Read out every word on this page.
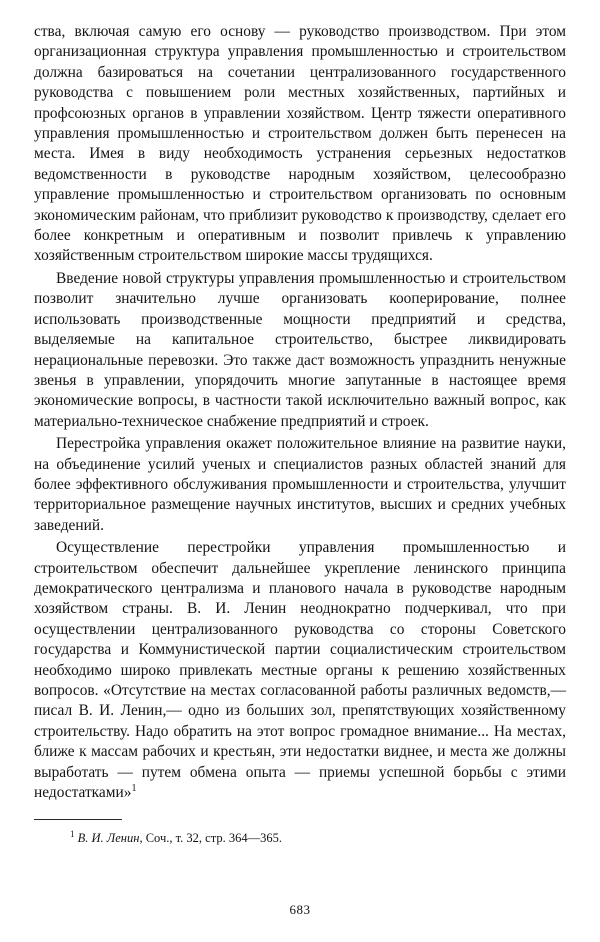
ства, включая самую его основу — руководство производством. При этом организационная структура управления промышленностью и строительством должна базироваться на сочетании централизованного государственного руководства с повышением роли местных хозяйственных, партийных и профсоюзных органов в управлении хозяйством. Центр тяжести оперативного управления промышленностью и строительством должен быть перенесен на места. Имея в виду необходимость устранения серьезных недостатков ведомственности в руководстве народным хозяйством, целесообразно управление промышленностью и строительством организовать по основным экономическим районам, что приблизит руководство к производству, сделает его более конкретным и оперативным и позволит привлечь к управлению хозяйственным строительством широкие массы трудящихся.

Введение новой структуры управления промышленностью и строительством позволит значительно лучше организовать кооперирование, полнее использовать производственные мощности предприятий и средства, выделяемые на капитальное строительство, быстрее ликвидировать нерациональные перевозки. Это также даст возможность упразднить ненужные звенья в управлении, упорядочить многие запутанные в настоящее время экономические вопросы, в частности такой исключительно важный вопрос, как материально-техническое снабжение предприятий и строек.

Перестройка управления окажет положительное влияние на развитие науки, на объединение усилий ученых и специалистов разных областей знаний для более эффективного обслуживания промышленности и строительства, улучшит территориальное размещение научных институтов, высших и средних учебных заведений.

Осуществление перестройки управления промышленностью и строительством обеспечит дальнейшее укрепление ленинского принципа демократического централизма и планового начала в руководстве народным хозяйством страны. В. И. Ленин неоднократно подчеркивал, что при осуществлении централизованного руководства со стороны Советского государства и Коммунистической партии социалистическим строительством необходимо широко привлекать местные органы к решению хозяйственных вопросов. «Отсутствие на местах согласованной работы различных ведомств,— писал В. И. Ленин,— одно из больших зол, препятствующих хозяйственному строительству. Надо обратить на этот вопрос громадное внимание... На местах, ближе к массам рабочих и крестьян, эти недостатки виднее, и места же должны выработать — путем обмена опыта — приемы успешной борьбы с этими недостатками»$^1$

$^1$ В. И. Ленин, Соч., т. 32, стр. 364—365.
683
